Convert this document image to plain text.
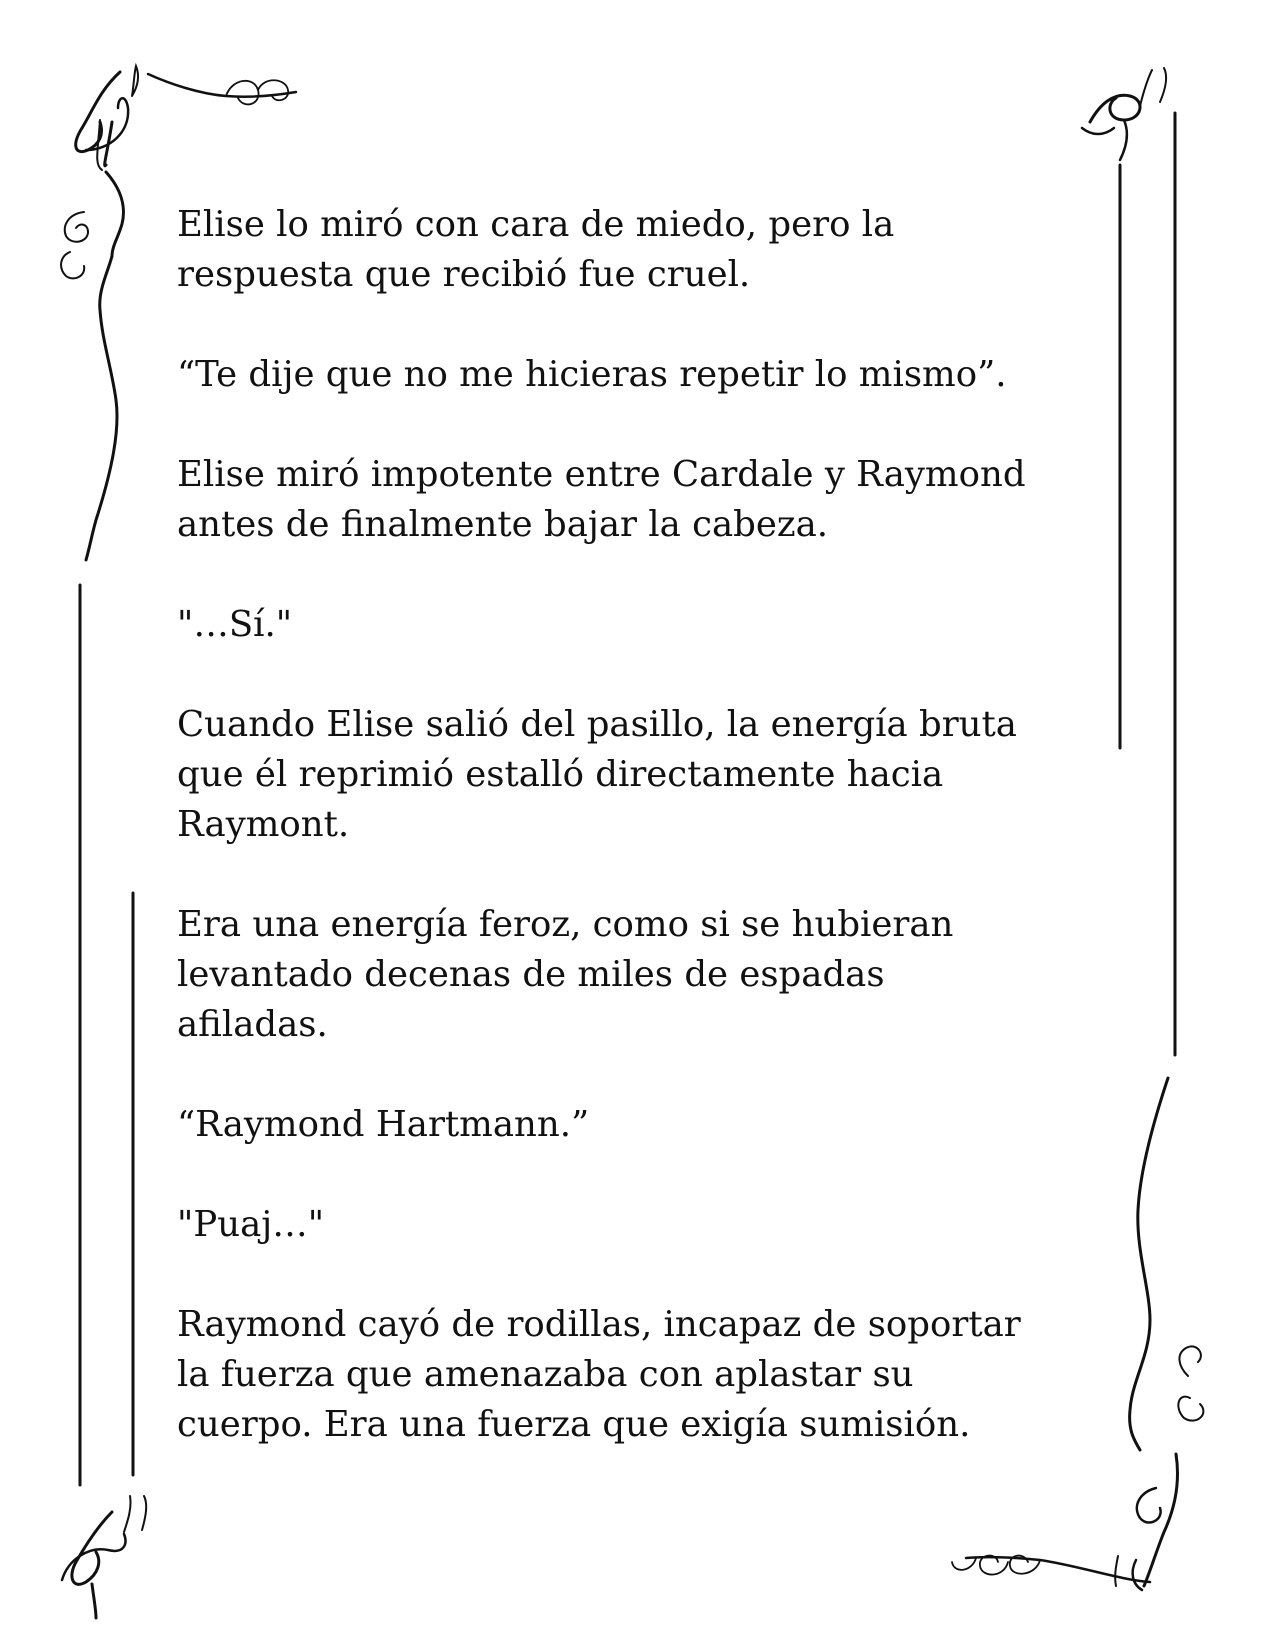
Elise lo miró con cara de miedo, pero la
respuesta que recibió fue cruel.

“Te dije que no me hicieras repetir lo mismo”.

Elise miró impotente entre Cardale y Raymond
antes de finalmente bajar la cabeza.

"…Sí."

Cuando Elise salió del pasillo, la energía bruta
que él reprimió estalló directamente hacia
Raymont.

Era una energía feroz, como si se hubieran
levantado decenas de miles de espadas
afiladas.

“Raymond Hartmann.”

"Puaj…"

Raymond cayó de rodillas, incapaz de soportar
la fuerza que amenazaba con aplastar su
cuerpo. Era una fuerza que exigía sumisión.
